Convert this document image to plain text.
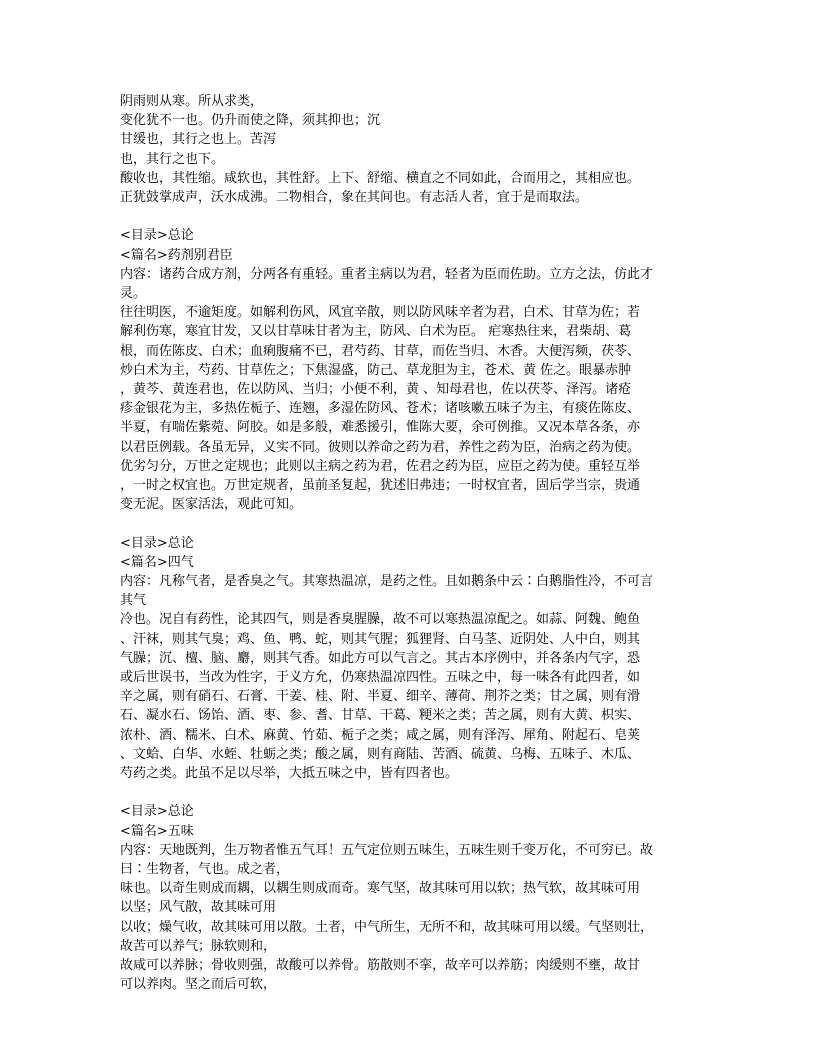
阴雨则从寒。所从求类，
变化犹不一也。仍升而使之降，须其抑也；沉
甘缓也，其行之也上。苦泻
也，其行之也下。
酸收也，其性缩。咸软也，其性舒。上下、舒缩、横直之不同如此，合而用之，其相应也。
正犹鼓掌成声，沃水成沸。二物相合，象在其间也。有志活人者，宜于是而取法。
<目录>总论
<篇名>药剂别君臣
内容：诸药合成方剂，分两各有重轻。重者主病以为君，轻者为臣而佐助。立方之法，仿此才
灵。
往往明医，不逾矩度。如解利伤风，风宜辛散，则以防风味辛者为君，白术、甘草为佐；若
解利伤寒，寒宜甘发，又以甘草味甘者为主，防风、白术为臣。 疟寒热往来，君柴胡、葛
根，而佐陈皮、白术；血痢腹痛不已，君芍药、甘草，而佐当归、木香。大便泻频，茯苓、
炒白术为主，芍药、甘草佐之；下焦湿盛，防己、草龙胆为主，苍术、黄 佐之。眼暴赤肿
，黄芩、黄连君也，佐以防风、当归；小便不利，黄 、知母君也，佐以茯苓、泽泻。诸疮
疹金银花为主，多热佐栀子、连翘，多湿佐防风、苍术；诸咳嗽五味子为主，有痰佐陈皮、
半夏，有喘佐紫菀、阿胶。如是多般，难悉援引，惟陈大要，余可例推。又况本草各条，亦
以君臣例载。各虽无异，义实不同。彼则以养命之药为君，养性之药为臣，治病之药为使。
优劣匀分，万世之定规也；此则以主病之药为君，佐君之药为臣，应臣之药为使。重轻互举
，一时之权宜也。万世定规者，虽前圣复起，犹述旧弗违；一时权宜者，固后学当宗，贵通
变无泥。医家活法，观此可知。
<目录>总论
<篇名>四气
内容：凡称气者，是香臭之气。其寒热温凉，是药之性。且如鹅条中云∶白鹅脂性冷，不可言
其气
冷也。况自有药性，论其四气，则是香臭腥臊，故不可以寒热温凉配之。如蒜、阿魏、鲍鱼
、汗袜，则其气臭；鸡、鱼、鸭、蛇，则其气腥；狐狸肾、白马茎、近阴处、人中白，则其
气臊；沉、檀、脑、麝，则其气香。如此方可以气言之。其古本序例中，并各条内气字，恐
或后世误书，当改为性字，于义方允，仍寒热温凉四性。五味之中，每一味各有此四者，如
辛之属，则有硝石、石膏、干姜、桂、附、半夏、细辛、薄荷、荆芥之类；甘之属，则有滑
石、凝水石、饧饴、酒、枣、参、耆、甘草、干葛、粳米之类；苦之属，则有大黄、枳实、
浓朴、酒、糯米、白术、麻黄、竹茹、栀子之类；咸之属，则有泽泻、犀角、附起石、皂荚
、文蛤、白华、水蛭、牡蛎之类；酸之属，则有商陆、苦酒、硫黄、乌梅、五味子、木瓜、
芍药之类。此虽不足以尽举，大抵五味之中，皆有四者也。
<目录>总论
<篇名>五味
内容：天地既判，生万物者惟五气耳！五气定位则五味生，五味生则千变万化，不可穷已。故
曰∶生物者，气也。成之者，
味也。以奇生则成而耦，以耦生则成而奇。寒气坚，故其味可用以软；热气软，故其味可用
以坚；风气散，故其味可用
以收；燥气收，故其味可用以散。土者，中气所生，无所不和，故其味可用以缓。气坚则壮，
故苦可以养气；脉软则和，
故咸可以养脉；骨收则强，故酸可以养骨。筋散则不挛，故辛可以养筋；肉缓则不壅，故甘
可以养肉。坚之而后可软，
